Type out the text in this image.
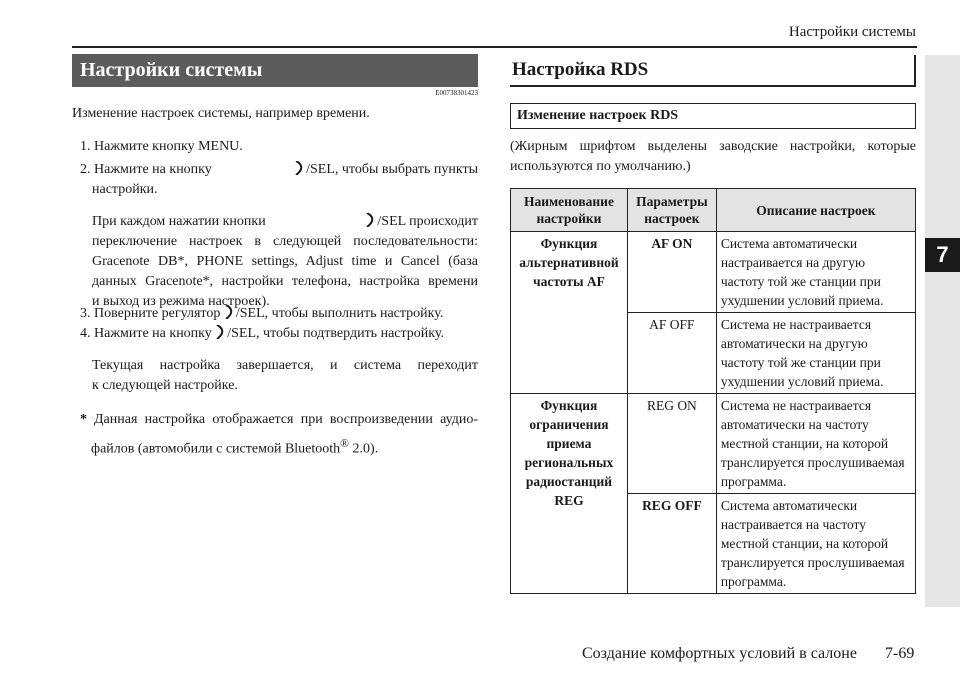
Настройки системы
7
Настройки системы
E00738301423
Изменение настроек системы, например времени.
1. Нажмите кнопку MENU.
2. Нажмите на кнопку	/SEL, чтобы выбрать пункты
настройки.
При каждом нажатии кнопки	/SEL происходит
переключение настроек в следующей последовательности:
Gracenote DB*, PHONE settings, Adjust time и Cancel (база
данных Gracenote*, настройки телефона, настройка времени
и выход из режима настроек).
3. Поверните регулятор /SEL, чтобы выполнить настройку.
4. Нажмите на кнопку /SEL, чтобы подтвердить настройку.
Текущая настройка завершается, и система переходит
к следующей настройке.
* Данная настройка отображается при воспроизведении аудио-
файлов (автомобили с системой Bluetooth® 2.0).
Настройка RDS
Изменение настроек RDS
(Жирным шрифтом выделены заводские настройки, которые
используются по умолчанию.)
Наименование настройки	Параметры настроек	Описание настроек
Функция альтернативной частоты AF	AF ON	Система автоматически настраивается на другую частоту той же станции при ухудшении условий приема.
	AF OFF	Система не настраивается автоматически на другую частоту той же станции при ухудшении условий приема.
Функция ограничения приема региональных радиостанций REG	REG ON	Система не настраивается автоматически на частоту местной станции, на которой транслируется прослушиваемая программа.
	REG OFF	Система автоматически настраивается на частоту местной станции, на которой транслируется прослушиваемая программа.
Создание комфортных условий в салоне 7-69
